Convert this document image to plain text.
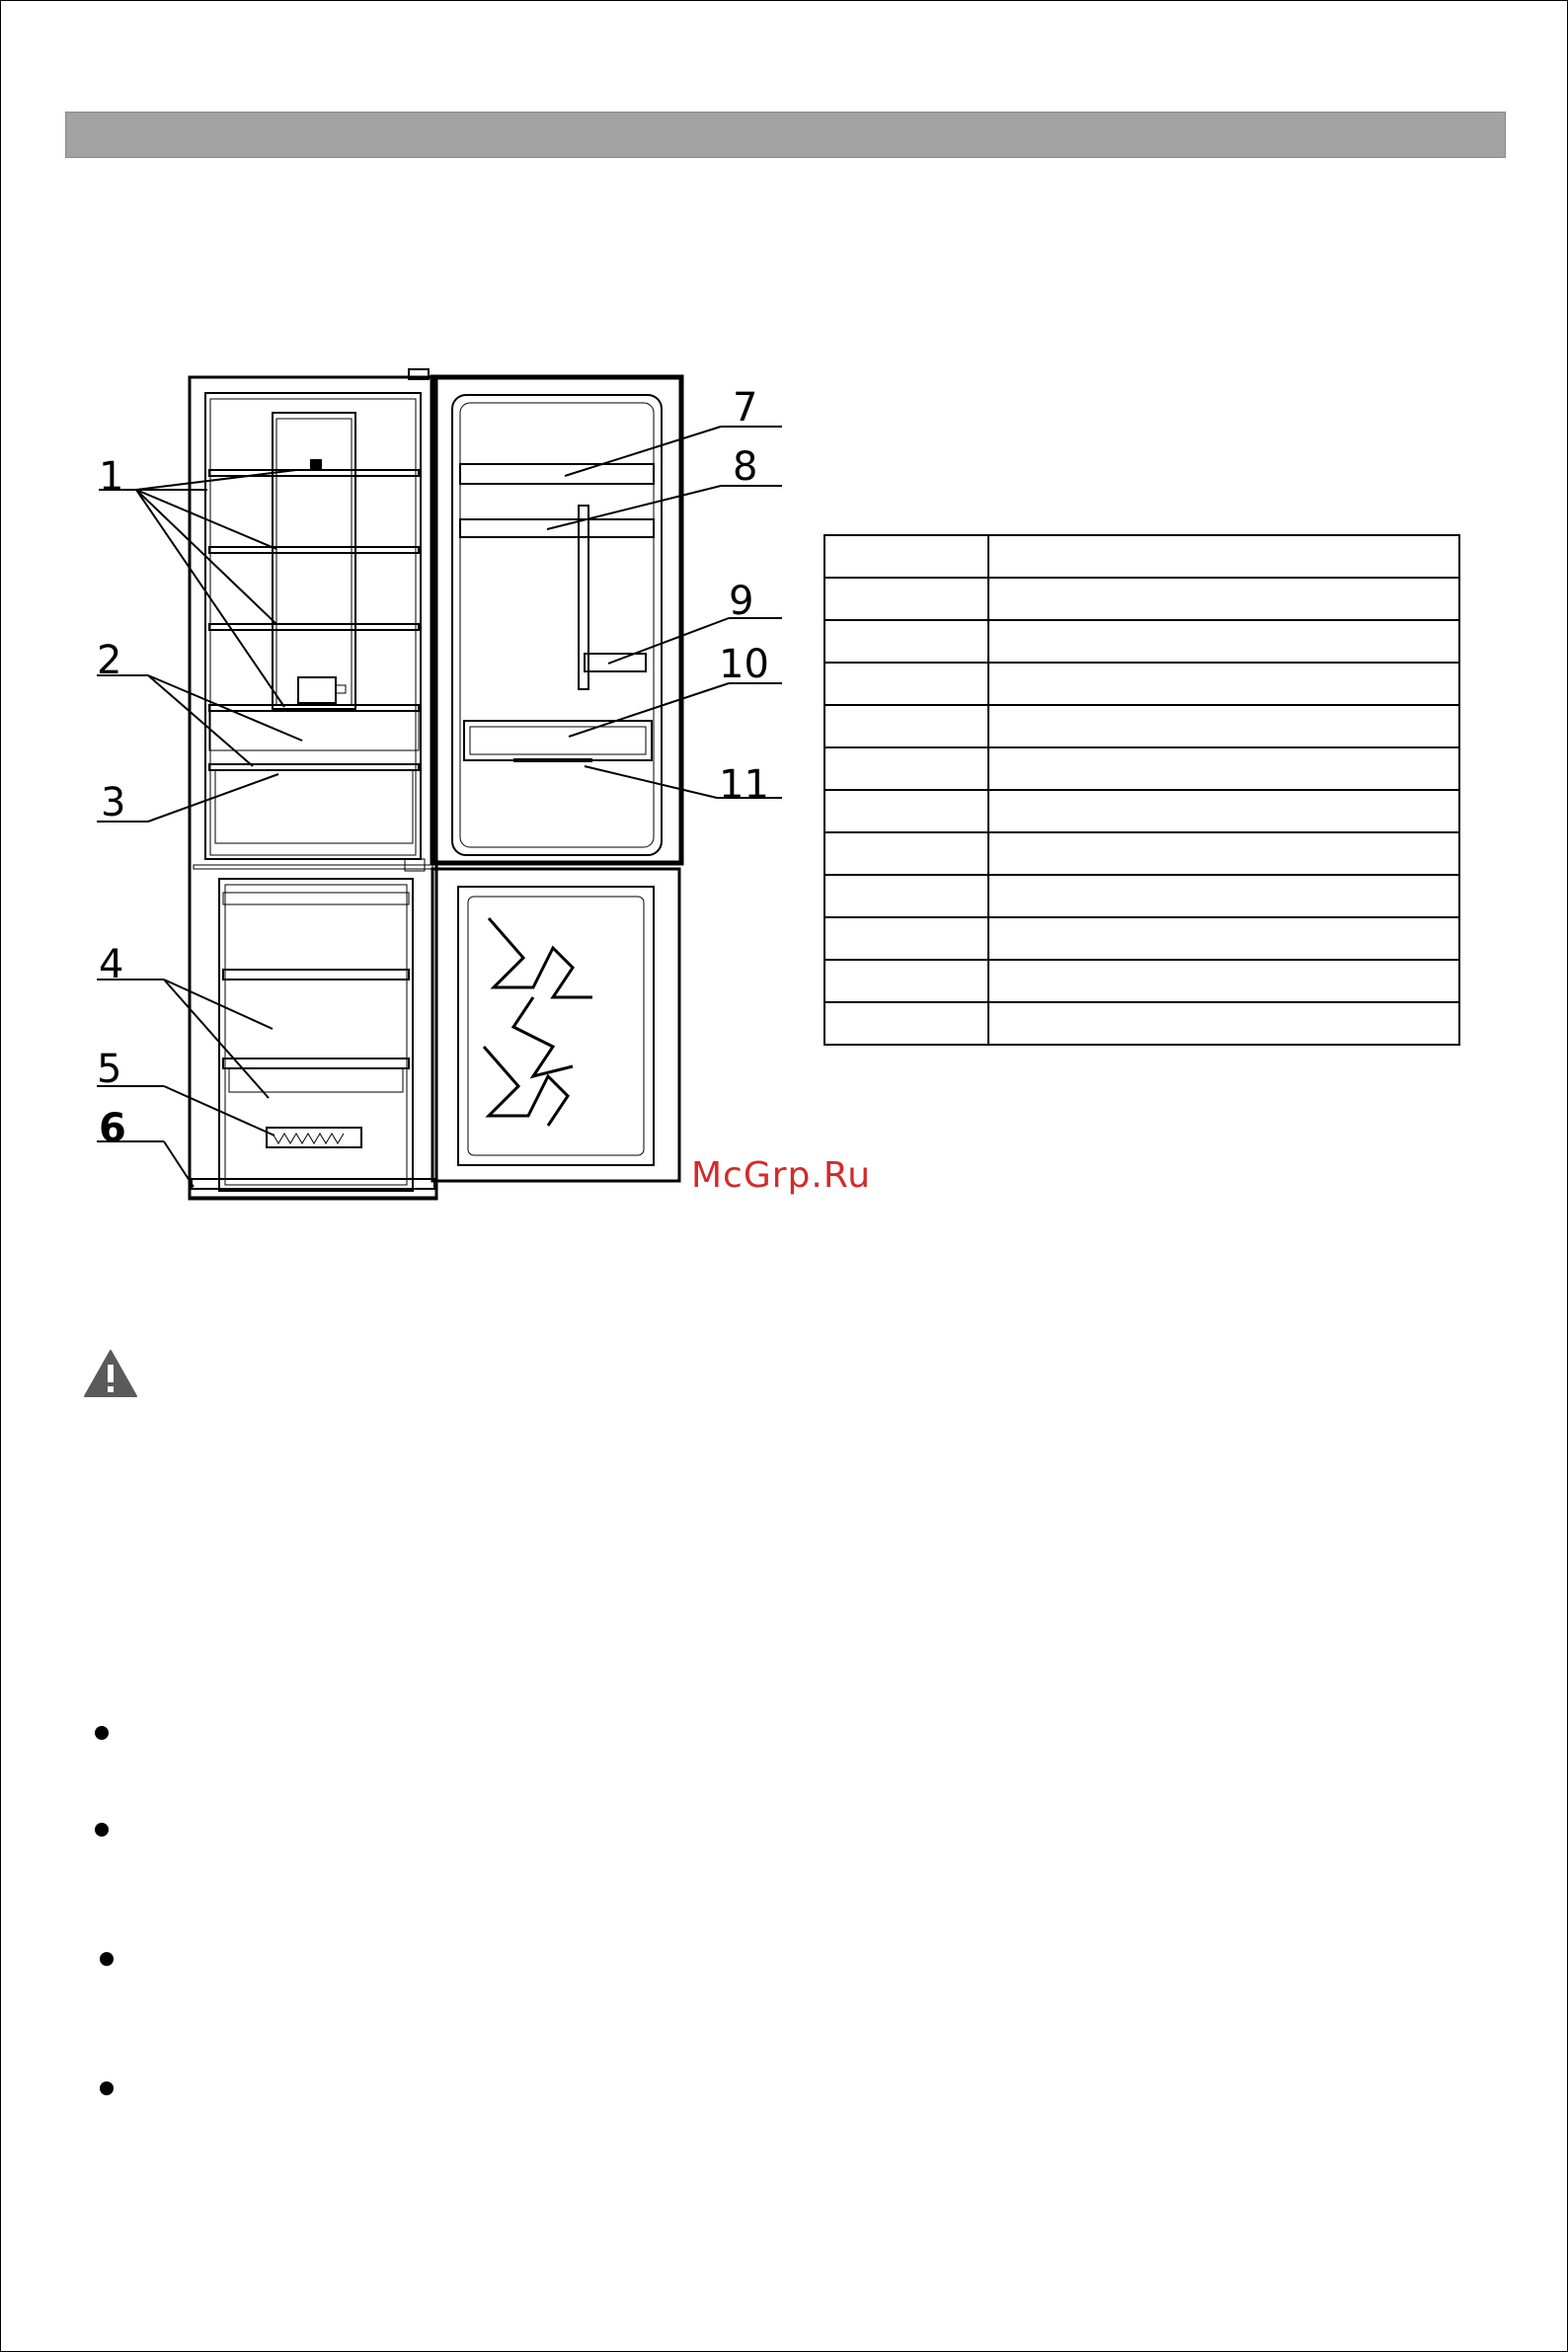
1
2
3
4
5
6
7
8
9
10
11

McGrp.Ru
